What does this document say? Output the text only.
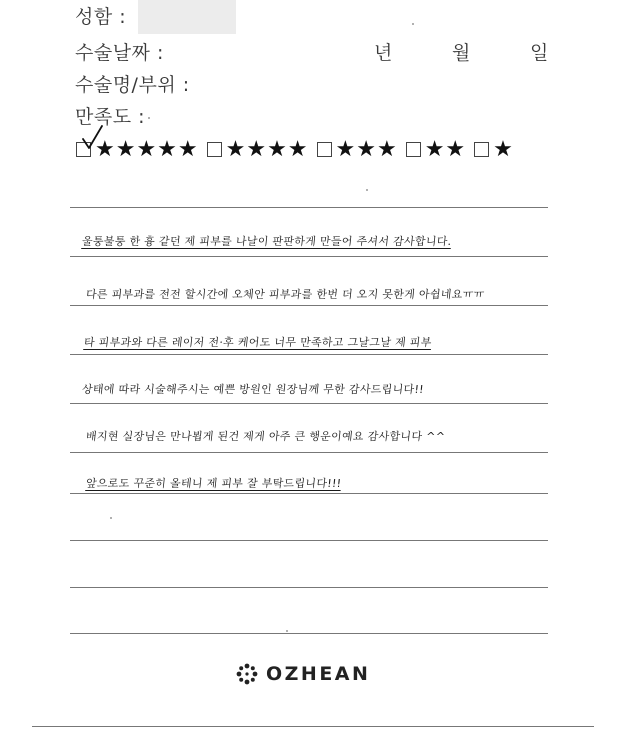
성함 :
수술날짜 :	년	월	일
수술명/부위 :
만족도 :
★★★★★ ★★★★ ★★★ ★★ ★
울퉁불퉁 한 흉 같던 제 피부를 나날이 판판하게 만들어 주셔서 감사합니다.
다른 피부과를 전전 할시간에 오체안 피부과를 한번 더 오지 못한게 아쉽네요ㅠㅠ
타 피부과와 다른 레이저 전·후 케어도 너무 만족하고 그날그날 제 피부
상태에 따라 시술해주시는 예쁜 방원인 원장님께 무한 감사드립니다!!
배지현 실장님은 만나뵙게 된건 제게 아주 큰 행운이예요 감사합니다 ^^
앞으로도 꾸준히 올테니 제 피부 잘 부탁드립니다!!!
OZHEAN
